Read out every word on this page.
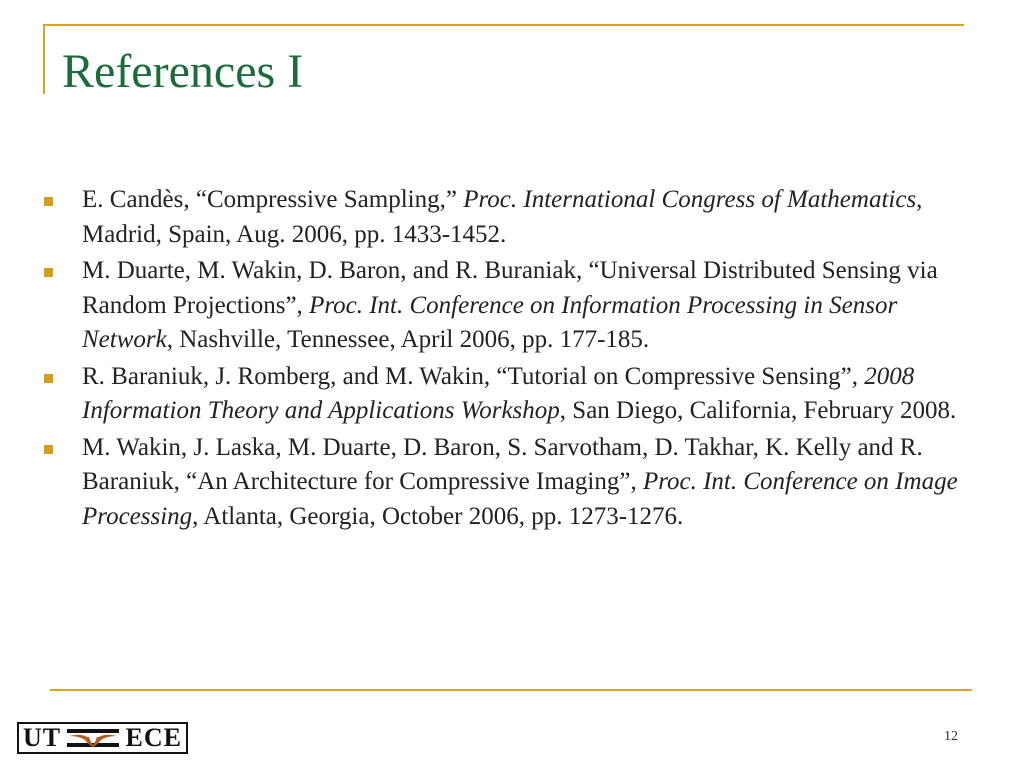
References I
E. Candès, “Compressive Sampling,” Proc. International Congress of Mathematics, Madrid, Spain, Aug. 2006, pp. 1433-1452.
M. Duarte, M. Wakin, D. Baron, and R. Buraniak, “Universal Distributed Sensing via Random Projections”, Proc. Int. Conference on Information Processing in Sensor Network, Nashville, Tennessee, April 2006, pp. 177-185.
R. Baraniuk, J. Romberg, and M. Wakin, “Tutorial on Compressive Sensing”, 2008 Information Theory and Applications Workshop, San Diego, California, February 2008.
M. Wakin, J. Laska, M. Duarte, D. Baron, S. Sarvotham, D. Takhar, K. Kelly and R. Baraniuk, “An Architecture for Compressive Imaging”, Proc. Int. Conference on Image Processing, Atlanta, Georgia, October 2006, pp. 1273-1276.
UT ECE	12
